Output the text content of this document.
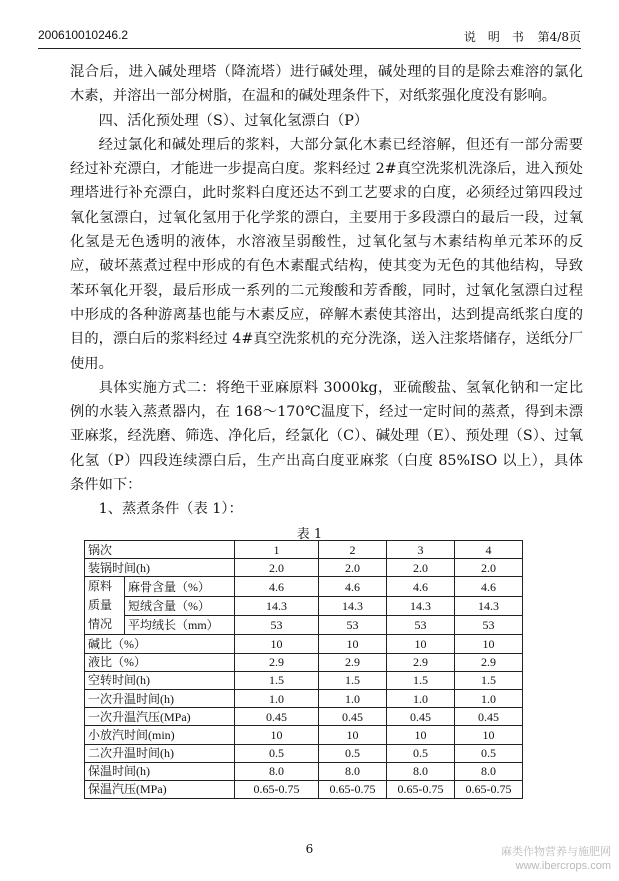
200610010246.2	说　明　书 第4/8页

混合后，进入碱处理塔（降流塔）进行碱处理，碱处理的目的是除去难溶的氯化木素，并溶出一部分树脂，在温和的碱处理条件下，对纸浆强化度没有影响。

四、活化预处理（S）、过氧化氢漂白（P）

经过氯化和碱处理后的浆料，大部分氯化木素已经溶解，但还有一部分需要经过补充漂白，才能进一步提高白度。浆料经过 2#真空洗浆机洗涤后，进入预处理塔进行补充漂白，此时浆料白度还达不到工艺要求的白度，必须经过第四段过氧化氢漂白，过氧化氢用于化学浆的漂白，主要用于多段漂白的最后一段，过氧化氢是无色透明的液体，水溶液呈弱酸性，过氧化氢与木素结构单元苯环的反应，破坏蒸煮过程中形成的有色木素醌式结构，使其变为无色的其他结构，导致苯环氧化开裂，最后形成一系列的二元羧酸和芳香酸，同时，过氧化氢漂白过程中形成的各种游离基也能与木素反应，碎解木素使其溶出，达到提高纸浆白度的目的，漂白后的浆料经过 4#真空洗浆机的充分洗涤，送入注浆塔储存，送纸分厂使用。

具体实施方式二：将绝干亚麻原料 3000kg，亚硫酸盐、氢氧化钠和一定比例的水装入蒸煮器内，在 168～170℃温度下，经过一定时间的蒸煮，得到未漂亚麻浆，经洗磨、筛选、净化后，经氯化（C）、碱处理（E）、预处理（S）、过氧化氢（P）四段连续漂白后，生产出高白度亚麻浆（白度 85%ISO 以上），具体条件如下：

1、蒸煮条件（表 1）：

表 1
锅次		1	2	3	4
装锅时间(h)		2.0	2.0	2.0	2.0

原料
质量
情况	麻骨含量（%）	4.6	4.6	4.6	4.6
	短绒含量（%）	14.3	14.3	14.3	14.3
	平均绒长（mm）	53	53	53	53
碱比（%）		10	10	10	10
液比（%）		2.9	2.9	2.9	2.9
空转时间(h)		1.5	1.5	1.5	1.5
一次升温时间(h)		1.0	1.0	1.0	1.0
一次升温汽压(MPa)		0.45	0.45	0.45	0.45
小放汽时间(min)		10	10	10	10
二次升温时间(h)		0.5	0.5	0.5	0.5
保温时间(h)		8.0	8.0	8.0	8.0
保温汽压(MPa)		0.65-0.75	0.65-0.75	0.65-0.75	0.65-0.75
6	麻类作物营养与施肥网
www.ibercrops.com
